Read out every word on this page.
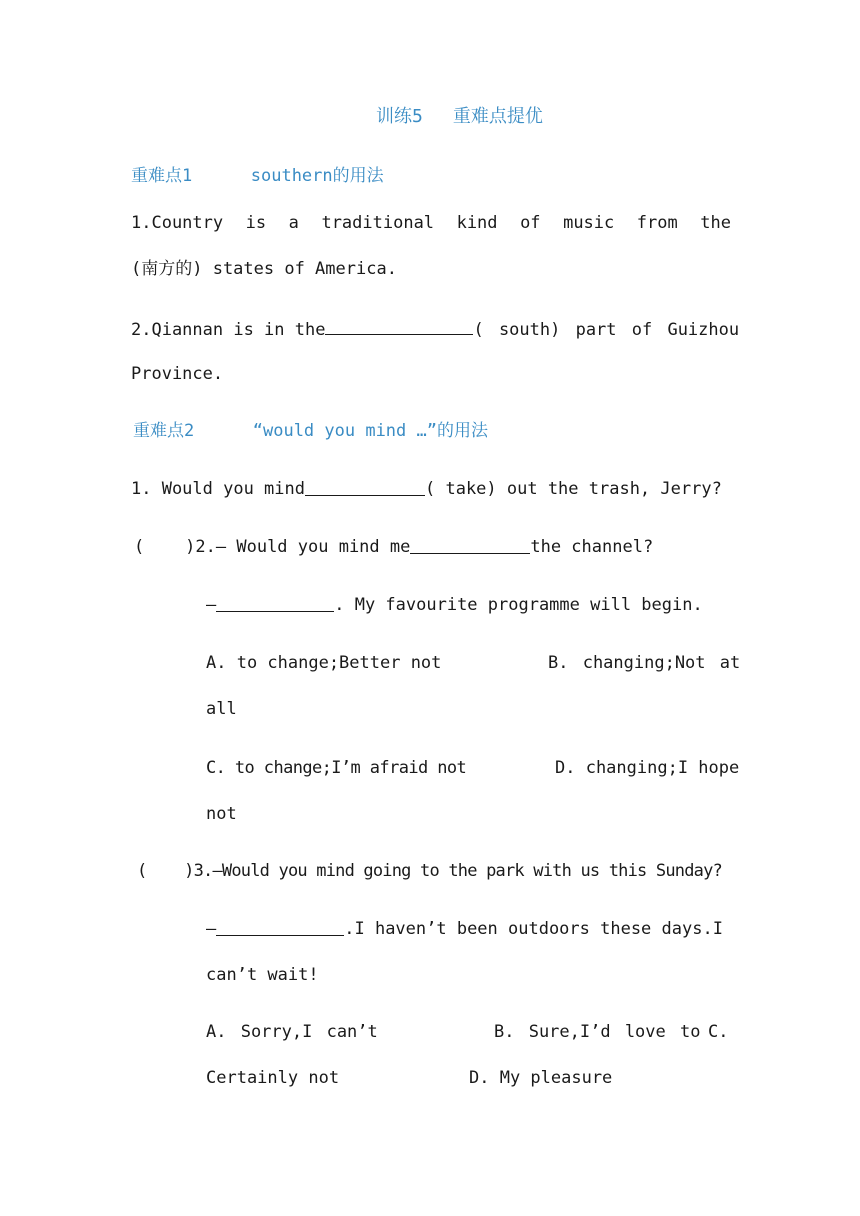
训练5 重难点提优
重难点1	southern的用法
1.Country is a traditional kind of music from the
(南方的) states of America.
2.Qiannan is in the	( south) part of Guizhou
Province.
重难点2	“would you mind …”的用法
1. Would you mind	( take) out the trash, Jerry?
(    )2.— Would you mind me	the channel?
—	. My favourite programme will begin.
A. to change;Better not	B. changing;Not at
all
C. to change;I’m afraid not	D. changing;I hope
not
(    )3.—Would you mind going to the park with us this Sunday?
—	.I haven’t been outdoors these days.I
can’t wait!
A. Sorry,I can’t	B. Sure,I’d love to C.
Certainly not	D. My pleasure
